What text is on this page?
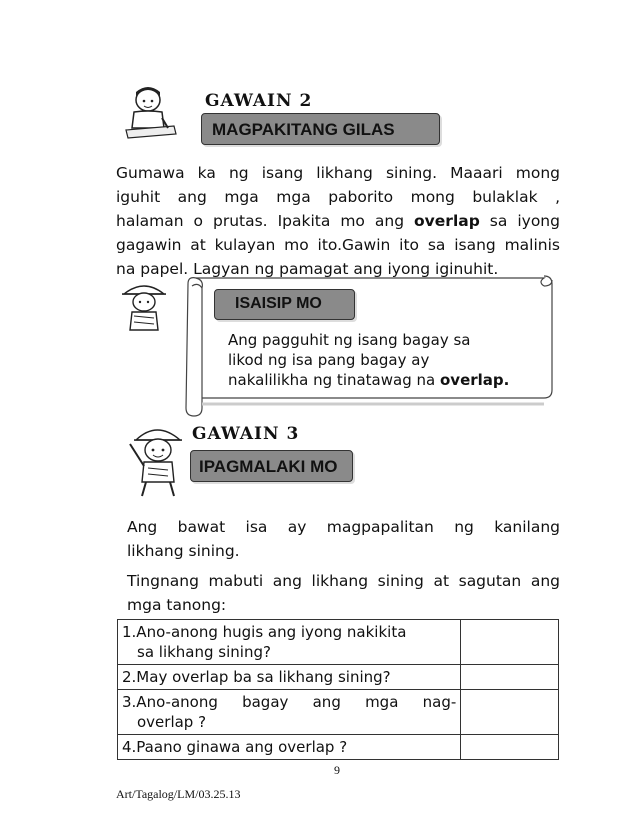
GAWAIN 2
MAGPAKITANG GILAS
Gumawa ka ng isang likhang sining. Maaari mong
iguhit ang mga mga paborito mong bulaklak ,
halaman o prutas. Ipakita mo ang overlap sa iyong
gagawin at kulayan mo ito.Gawin ito sa isang malinis
na papel. Lagyan ng pamagat ang iyong iginuhit.
ISAISIP MO
Ang pagguhit ng isang bagay sa
likod ng isa pang bagay ay
nakalilikha ng tinatawag na overlap.
GAWAIN 3
IPAGMALAKI MO
Ang bawat isa ay magpapalitan ng kanilang
likhang sining.
Tingnang mabuti ang likhang sining at sagutan ang
mga tanong:
1.Ano-anong hugis ang iyong nakikita
sa likhang sining?	

2.May overlap ba sa likhang sining?	

3.Ano-anong bagay ang mga nag-
overlap ?	

4.Paano ginawa ang overlap ?	

9
Art/Tagalog/LM/03.25.13
